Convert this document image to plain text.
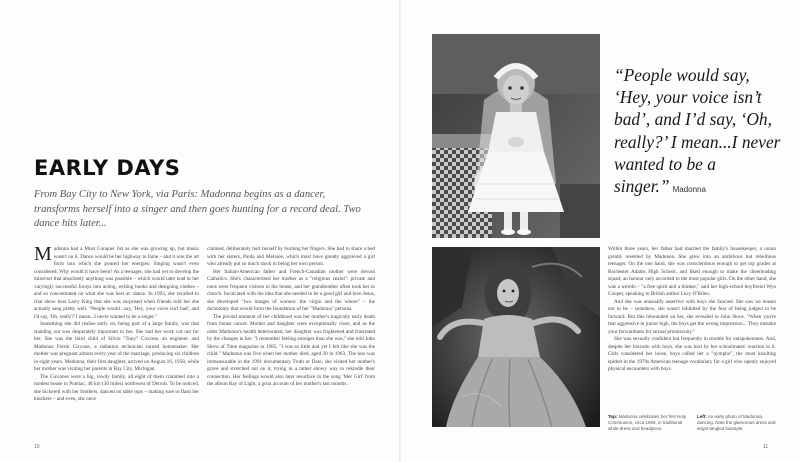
EARLY DAYS

From Bay City to New York, via Paris: Madonna begins as a dancer, transforms herself into a singer and then goes hunting for a record deal. Two dance hits later...

Madonna had a Most Conquer list as she was growing up, but music wasn't on it. Dance would be her highway to fame – and it was the art form into which she poured her energies. Singing wasn't even considered. Why would it have been? As a teenager, she had yet to develop the mind-set that absolutely anything was possible – which would later lead to her varyingly successful forays into acting, writing books and designing clothes – and so concentrated on what she was best at: dance. In 1993, she recalled to chat show host Larry King that she was surprised when friends told her she actually sang pretty well. "People would ..say, 'Hey, your voice isn't bad', and I'd say, 'Oh, really?' I mean...I never wanted to be a singer."

Something she did realise early on, being part of a large family, was that standing out was desperately important to her. She had her work cut out for her. She was the third child of Silvio "Tony" Ciccone, an engineer, and Madonna Fortin Ciccone, a radiation technician turned homemaker. Her mother was pregnant almost every year of the marriage, producing six children in eight years. Madonna, their first daughter, arrived on August 16, 1958, while her mother was visiting her parents in Bay City, Michigan.

The Ciccones were a big, rowdy family, all eight of them crammed into a modest house in Pontiac, 48 km (30 miles) northwest of Detroit. To be noticed, she bickered with her brothers, danced on table tops – making sure to flash her knickers – and even, she once

claimed, deliberately hurt herself by burning her fingers. She had to share a bed with her sisters, Paula and Melanie, which must have greatly aggrieved a girl who already put so much stock in being her own person.

Her Italian-American father and French-Canadian mother were devout Catholics. She's characterised her mother as a "religious zealot": private and nuns were frequent visitors to the house, and her grandmother often took her to church. Inculcated with the idea that she needed to be a good girl and love Jesus, she developed "two images of women: the virgin and the whore" – the dichotomy that would form the foundation of her "Madonna" persona.

The pivotal moment of her childhood was her mother's tragically early death from breast cancer. Mother and daughter were exceptionally close, and as the older Madonna's health deteriorated, her daughter was frightened and frustrated by the changes in her. "I remember feeling stronger than she was," she told John Skow of Time magazine in 1985. "I was so little and yet I felt like she was the child." Madonna was five when her mother died, aged 30 in 1963. The loss was immeasurable in the 1991 documentary Truth or Dare, she visited her mother's grave and stretched out on it, trying in a rather showy way to rekindle their connection. Her feelings would also later resurface in the song 'Mer Girl' from the album Ray of Light, a grim account of her mother's last months.

10
“People would say, ‘Hey, your voice isn’t bad’, and I’d say, ‘Oh, really?’ I mean...I never wanted to be a singer.” Madonna

Within three years, her father had married the family's housekeeper, a union greatly resented by Madonna. She grew into an ambitious but rebellious teenager. On the one hand, she was conscientious enough to get top grades at Rochester Adams High School, and liked enough to make the cheerleading squad; an honour only accorded to the most popular girls. On the other hand, she was a weirdo – "a free spirit and a thinker," said her high-school boyfriend Wyn Cooper, speaking in British author Lucy O'Brien.

And she was unusually assertive with boys she fancied. She saw no reason not to be – somehow, she wasn't inhibited by the fear of being judged to be forward. But this rebounded on her, she revealed to John Skow. "When you're that aggressive in junior high, the boys get the wrong impression... They mistake your forwardness for sexual promiscuity."

She was sexually confident but frequently in trouble for outspokenness. And, despite her bravado with boys, she was hurt by her schoolmates' reaction to it. Girls considered her loose, boys called her a "nympho", the most insulting epithet in the 1970s American teenage vocabulary for a girl who openly enjoyed physical encounters with boys.

Top: Madonna celebrates her first Holy Communion, circa 1965, in traditional white dress and headpiece.
Left: An early photo of Madonna, dancing. Note the glamorous dress and angst-tangled hairstyle.
11
